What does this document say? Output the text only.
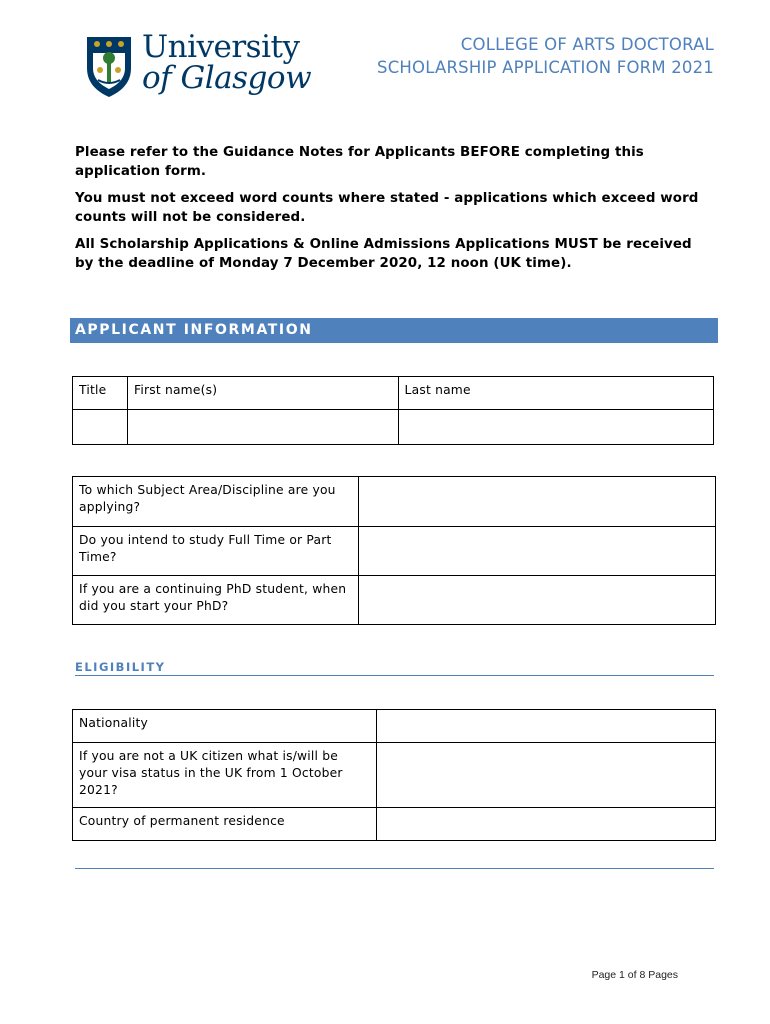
University
of Glasgow
COLLEGE OF ARTS DOCTORAL
SCHOLARSHIP APPLICATION FORM 2021

Please refer to the Guidance Notes for Applicants BEFORE completing this application form.

You must not exceed word counts where stated - applications which exceed word counts will not be considered.

All Scholarship Applications & Online Admissions Applications MUST be received by the deadline of Monday 7 December 2020, 12 noon (UK time).

APPLICANT INFORMATION
Title	First name(s)	Last name

To which Subject Area/Discipline are you applying?	
Do you intend to study Full Time or Part Time?	
If you are a continuing PhD student, when did you start your PhD?	
ELIGIBILITY
Nationality	
If you are not a UK citizen what is/will be your visa status in the UK from 1 October 2021?	
Country of permanent residence	
Page 1 of 8 Pages
